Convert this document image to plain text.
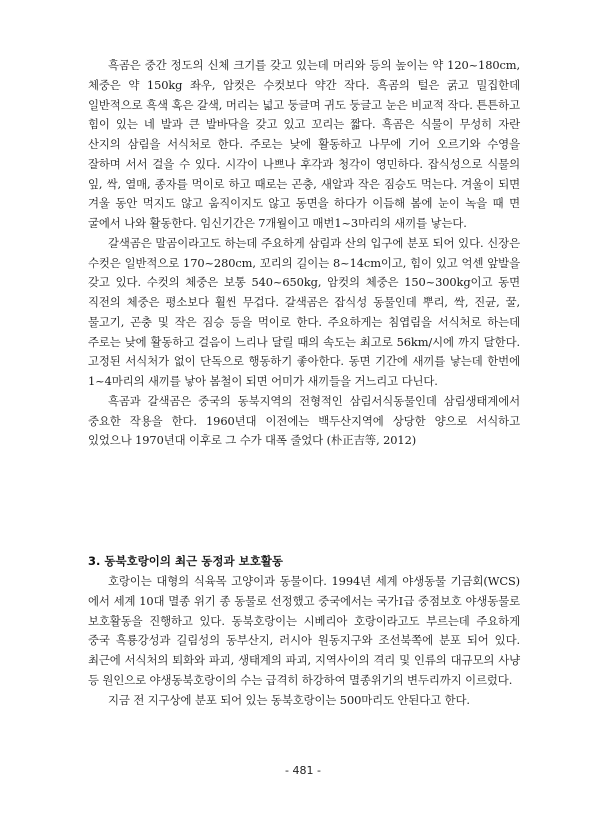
흑곰은 중간 정도의 신체 크기를 갖고 있는데 머리와 등의 높이는 약 120~180cm, 체중은 약 150kg 좌우, 암컷은 수컷보다 약간 작다. 흑곰의 털은 굵고 밀집한데 일반적으로 흑색 혹은 갈색, 머리는 넓고 둥글며 귀도 둥글고 눈은 비교적 작다. 튼튼하고 힘이 있는 네 발과 큰 발바닥을 갖고 있고 꼬리는 짧다. 흑곰은 식물이 무성히 자란 산지의 삼림을 서식처로 한다. 주로는 낮에 활동하고 나무에 기어 오르기와 수영을 잘하며 서서 걸을 수 있다. 시각이 나쁘나 후각과 청각이 영민하다. 잡식성으로 식물의 잎, 싹, 열매, 종자를 먹이로 하고 때로는 곤충, 새알과 작은 짐승도 먹는다. 겨울이 되면 겨울 동안 먹지도 않고 움직이지도 않고 동면을 하다가 이듬해 봄에 눈이 녹을 때 면 굴에서 나와 활동한다. 임신기간은 7개월이고 매번1~3마리의 새끼를 낳는다.

갈색곰은 말곰이라고도 하는데 주요하게 삼림과 산의 입구에 분포 되어 있다. 신장은 수컷은 일반적으로 170~280cm, 꼬리의 길이는 8~14cm이고, 힘이 있고 억센 앞발을 갖고 있다. 수컷의 체중은 보통 540~650kg, 암컷의 체중은 150~300kg이고 동면 직전의 체중은 평소보다 훨씬 무겁다. 갈색곰은 잡식성 동물인데 뿌리, 싹, 진균, 꿀, 물고기, 곤충 및 작은 짐승 등을 먹이로 한다. 주요하게는 침엽림을 서식처로 하는데 주로는 낮에 활동하고 걸음이 느리나 달릴 때의 속도는 최고로 56km/시에 까지 달한다. 고정된 서식처가 없이 단독으로 행동하기 좋아한다. 동면 기간에 새끼를 낳는데 한번에 1~4마리의 새끼를 낳아 봄철이 되면 어미가 새끼들을 거느리고 다닌다.

흑곰과 갈색곰은 중국의 동북지역의 전형적인 삼림서식동물인데 삼림생태계에서 중요한 작용을 한다. 1960년대 이전에는 백두산지역에 상당한 양으로 서식하고 있었으나 1970년대 이후로 그 수가 대폭 줄었다 (朴正吉等, 2012)

3. 동북호랑이의 최근 동정과 보호활동

호랑이는 대형의 식육목 고양이과 동물이다. 1994년 세계 야생동물 기금회(WCS) 에서 세계 10대 멸종 위기 종 동물로 선정했고 중국에서는 국가Ⅰ급 중점보호 야생동물로 보호활동을 진행하고 있다. 동북호랑이는 시베리아 호랑이라고도 부르는데 주요하게 중국 흑룡강성과 길림성의 동부산지, 러시아 원동지구와 조선북쪽에 분포 되어 있다. 최근에 서식처의 퇴화와 파괴, 생태계의 파괴, 지역사이의 격리 및 인류의 대규모의 사냥 등 원인으로 야생동북호랑이의 수는 급격히 하강하여 멸종위기의 변두리까지 이르렀다.

지금 전 지구상에 분포 되어 있는 동북호랑이는 500마리도 안된다고 한다.

- 481 -
